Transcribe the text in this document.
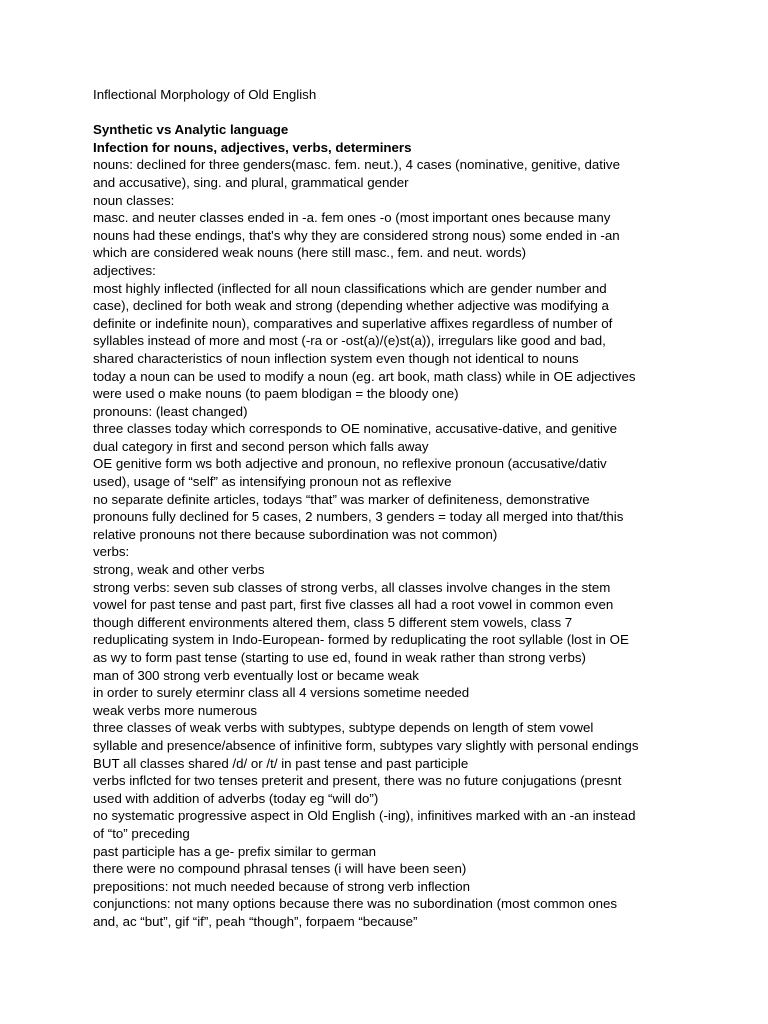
Inflectional Morphology of Old English
Synthetic vs Analytic language
Infection for nouns, adjectives, verbs, determiners
nouns: declined for three genders(masc. fem. neut.), 4 cases (nominative, genitive, dative
and accusative), sing. and plural, grammatical gender
noun classes:
masc. and neuter classes ended in -a. fem ones -o (most important ones because many
nouns had these endings, that's why they are considered strong nous) some ended in -an
which are considered weak nouns (here still masc., fem. and neut. words)
adjectives:
most highly inflected (inflected for all noun classifications which are gender number and
case), declined for both weak and strong (depending whether adjective was modifying a
definite or indefinite noun), comparatives and superlative affixes regardless of number of
syllables instead of more and most (-ra or -ost(a)/(e)st(a)), irregulars like good and bad,
shared characteristics of noun inflection system even though not identical to nouns
today a noun can be used to modify a noun (eg. art book, math class) while in OE adjectives
were used o make nouns (to paem blodigan = the bloody one)
pronouns: (least changed)
three classes today which corresponds to OE nominative, accusative-dative, and genitive
dual category in first and second person which falls away
OE genitive form ws both adjective and pronoun, no reflexive pronoun (accusative/dativ
used), usage of “self” as intensifying pronoun not as reflexive
no separate definite articles, todays “that” was marker of definiteness, demonstrative
pronouns fully declined for 5 cases, 2 numbers, 3 genders = today all merged into that/this
relative pronouns not there because subordination was not common)
verbs:
strong, weak and other verbs
strong verbs: seven sub classes of strong verbs, all classes involve changes in the stem
vowel for past tense and past part, first five classes all had a root vowel in common even
though different environments altered them, class 5 different stem vowels, class 7
reduplicating system in Indo-European- formed by reduplicating the root syllable (lost in OE
as wy to form past tense (starting to use ed, found in weak rather than strong verbs)
man of 300 strong verb eventually lost or became weak
in order to surely eterminr class all 4 versions sometime needed
weak verbs more numerous
three classes of weak verbs with subtypes, subtype depends on length of stem vowel
syllable and presence/absence of infinitive form, subtypes vary slightly with personal endings
BUT all classes shared /d/ or /t/ in past tense and past participle
verbs inflcted for two tenses preterit and present, there was no future conjugations (presnt
used with addition of adverbs (today eg “will do”)
no systematic progressive aspect in Old English (-ing), infinitives marked with an -an instead
of “to” preceding
past participle has a ge- prefix similar to german
there were no compound phrasal tenses (i will have been seen)
prepositions: not much needed because of strong verb inflection
conjunctions: not many options because there was no subordination (most common ones
and, ac “but”, gif “if”, peah “though”, forpaem “because”
